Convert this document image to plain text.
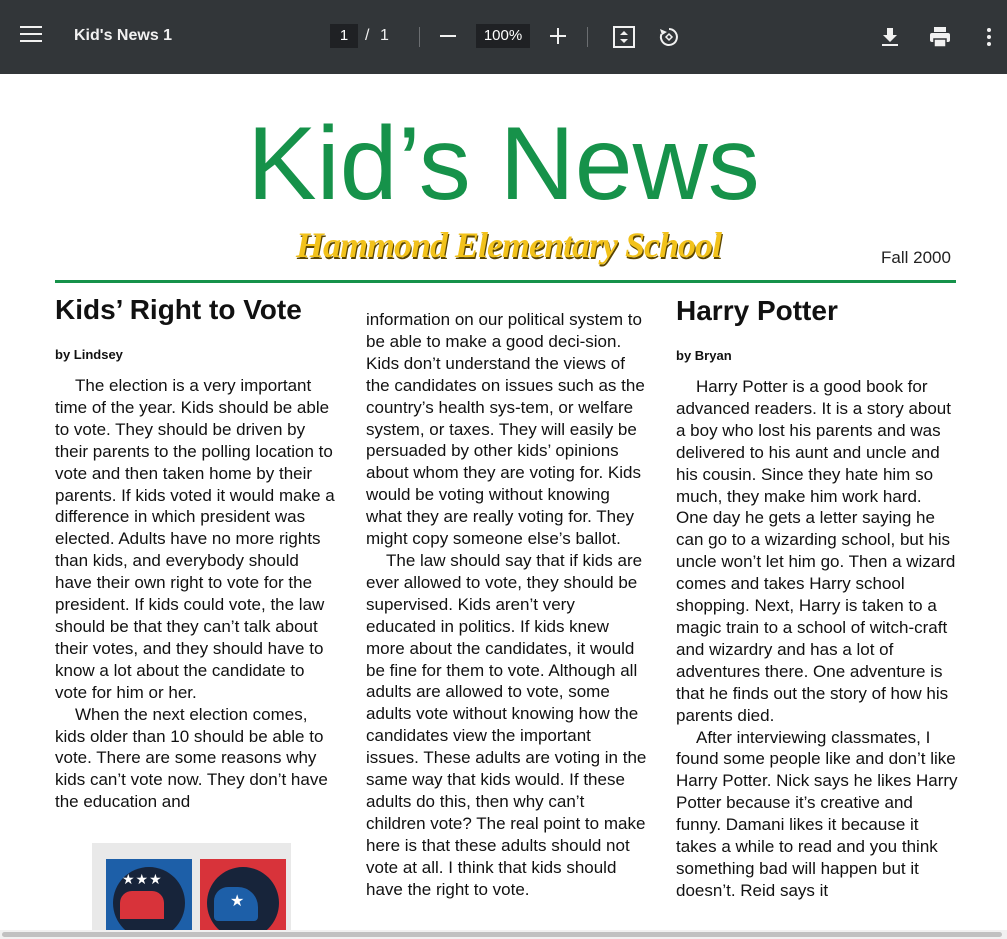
Kid's News 1	1	/ 1	100%
Kid’s News
Hammond Elementary School	Fall 2000
Kids’ Right to Vote
by Lindsey

The election is a very important time of the year. Kids should be able to vote. They should be driven by their parents to the polling location to vote and then taken home by their parents. If kids voted it would make a difference in which president was elected. Adults have no more rights than kids, and everybody should have their own right to vote for the president. If kids could vote, the law should be that they can’t talk about their votes, and they should have to know a lot about the candidate to vote for him or her.

When the next election comes, kids older than 10 should be able to vote. There are some reasons why kids can’t vote now. They don’t have the education and

★★★
★

information on our political system to be able to make a good deci-sion. Kids don’t understand the views of the candidates on issues such as the country’s health sys-tem, or welfare system, or taxes. They will easily be persuaded by other kids’ opinions about whom they are voting for. Kids would be voting without knowing what they are really voting for. They might copy someone else’s ballot.

The law should say that if kids are ever allowed to vote, they should be supervised. Kids aren’t very educated in politics. If kids knew more about the candidates, it would be fine for them to vote. Although all adults are allowed to vote, some adults vote without knowing how the candidates view the important issues. These adults are voting in the same way that kids would. If these adults do this, then why can’t children vote? The real point to make here is that these adults should not vote at all. I think that kids should have the right to vote.

Harry Potter
by Bryan

Harry Potter is a good book for advanced readers. It is a story about a boy who lost his parents and was delivered to his aunt and uncle and his cousin. Since they hate him so much, they make him work hard. One day he gets a letter saying he can go to a wizarding school, but his uncle won’t let him go. Then a wizard comes and takes Harry school shopping. Next, Harry is taken to a magic train to a school of witch-craft and wizardry and has a lot of adventures there. One adventure is that he finds out the story of how his parents died.

After interviewing classmates, I found some people like and don’t like Harry Potter. Nick says he likes Harry Potter because it’s creative and funny. Damani likes it because it takes a while to read and you think something bad will happen but it doesn’t. Reid says it
